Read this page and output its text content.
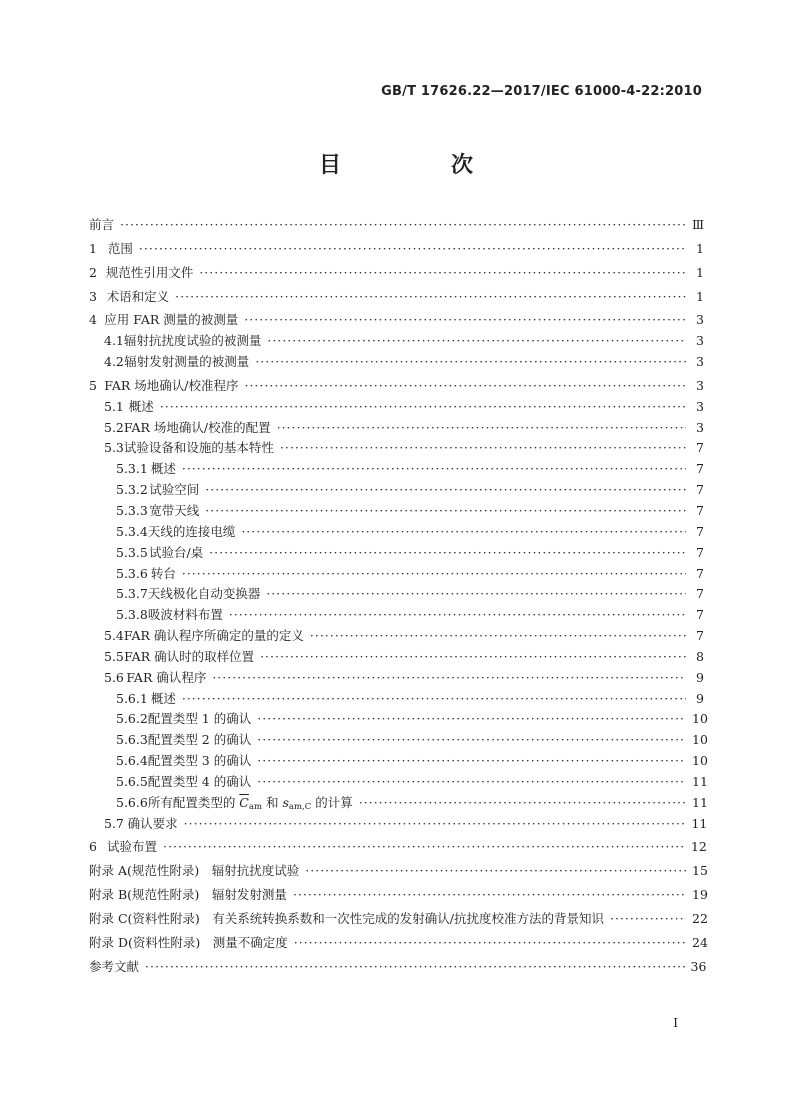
GB/T 17626.22—2017/IEC 61000-4-22:2010
目　次
前言 ·····	Ⅲ
1 范围 ·····	1
2 规范性引用文件 ·····	1
3 术语和定义 ·····	1
4 应用 FAR 测量的被测量 ·····	3
4.1 辐射抗扰度试验的被测量 ·····	3
4.2 辐射发射测量的被测量 ·····	3
5 FAR 场地确认/校准程序 ·····	3
5.1 概述 ·····	3
5.2 FAR 场地确认/校准的配置 ·····	3
5.3 试验设备和设施的基本特性 ·····	7
5.3.1 概述 ·····	7
5.3.2 试验空间 ·····	7
5.3.3 宽带天线 ·····	7
5.3.4 天线的连接电缆 ·····	7
5.3.5 试验台/桌 ·····	7
5.3.6 转台 ·····	7
5.3.7 天线极化自动变换器 ·····	7
5.3.8 吸波材料布置 ·····	7
5.4 FAR 确认程序所确定的量的定义 ·····	7
5.5 FAR 确认时的取样位置 ·····	8
5.6 FAR 确认程序 ·····	9
5.6.1 概述 ·····	9
5.6.2 配置类型 1 的确认 ·····	10
5.6.3 配置类型 2 的确认 ·····	10
5.6.4 配置类型 3 的确认 ·····	10
5.6.5 配置类型 4 的确认 ·····	11
5.6.6 所有配置类型的 $\overline{C}_{am}$ 和 $s_{am,C}$ 的计算 ·····	11
5.7 确认要求 ·····	11
6 试验布置 ·····	12
附录 A (规范性附录)　辐射抗扰度试验 ·····	15
附录 B (规范性附录)　辐射发射测量 ·····	19
附录 C (资料性附录)　有关系统转换系数和一次性完成的发射确认/抗扰度校准方法的背景知识 ·····	22
附录 D (资料性附录)　测量不确定度 ·····	24
参考文献 ·····	36
I
